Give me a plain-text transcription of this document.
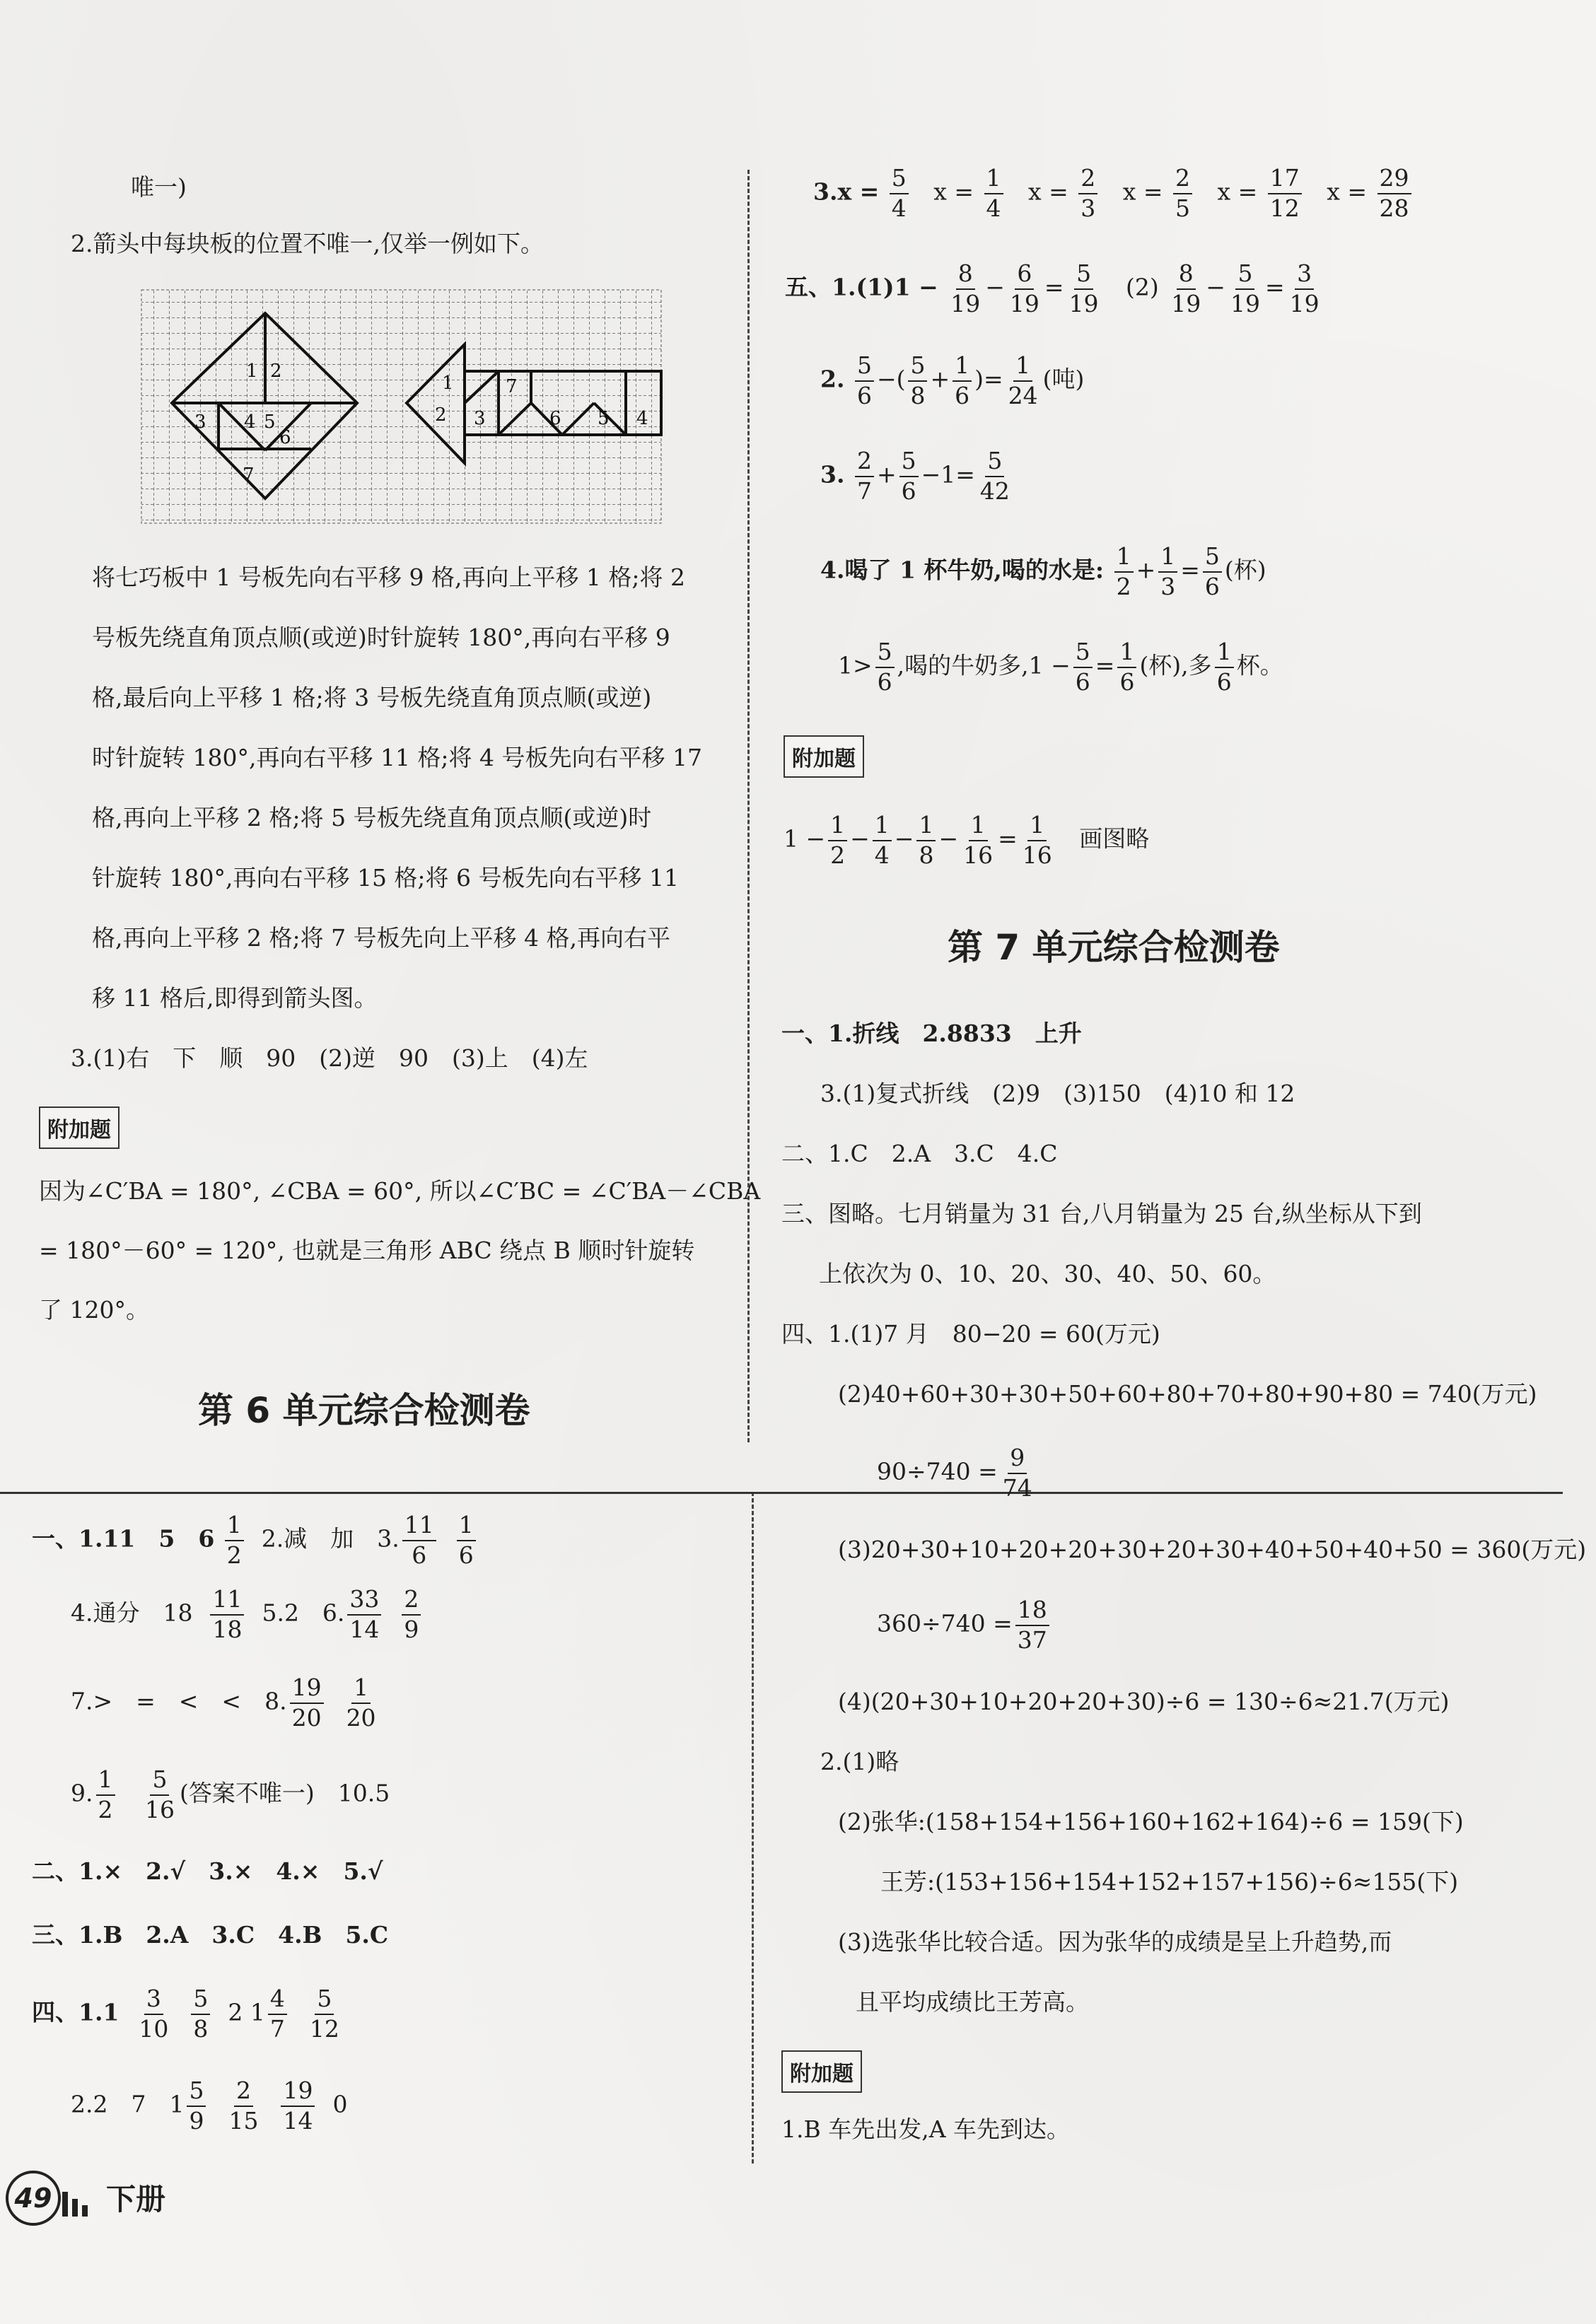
唯一)
2.箭头中每块板的位置不唯一,仅举一例如下。
1 2
3 4 5
6
7
1
2 3
7
6 5 4
将七巧板中 1 号板先向右平移 9 格,再向上平移 1 格;将 2
号板先绕直角顶点顺(或逆)时针旋转 180°,再向右平移 9
格,最后向上平移 1 格;将 3 号板先绕直角顶点顺(或逆)
时针旋转 180°,再向右平移 11 格;将 4 号板先向右平移 17
格,再向上平移 2 格;将 5 号板先绕直角顶点顺(或逆)时
针旋转 180°,再向右平移 15 格;将 6 号板先向右平移 11
格,再向上平移 2 格;将 7 号板先向上平移 4 格,再向右平
移 11 格后,即得到箭头图。
3.(1)右　下　顺　90　(2)逆　90　(3)上　(4)左
附加题
因为∠C′BA = 180°, ∠CBA = 60°, 所以∠C′BC = ∠C′BA－∠CBA
= 180°－60° = 120°, 也就是三角形 ABC 绕点 B 顺时针旋转
了 120°。
第 6 单元综合检测卷
$3.x = \frac{5}{4}$ $x = \frac{1}{4}$ $x = \frac{2}{3}$ $x = \frac{2}{5}$ $x = \frac{17}{12}$ $x = \frac{29}{28}$
五、$1.(1)1 - \frac{8}{19} - \frac{6}{19} = \frac{5}{19} (2) \frac{8}{19} - \frac{5}{19} = \frac{3}{19}$
2. $\frac{5}{6}$ −( $\frac{5}{8} + \frac{1}{6}$ )= $\frac{1}{24}$ (吨)
3. $\frac{2}{7} + \frac{5}{6} -1= \frac{5}{42}$
4.喝了 1 杯牛奶,喝的水是: $\frac{1}{2} + \frac{1}{3} = \frac{5}{6}$ (杯)
$1> \frac{5}{6}$ ,喝的牛奶多$,1 - \frac{5}{6} = \frac{1}{6}$ (杯),多 $\frac{1}{6}$ 杯。
附加题
$1 - \frac{1}{2} - \frac{1}{4} - \frac{1}{8} - \frac{1}{16} = \frac{1}{16}$ 画图略
第 7 单元综合检测卷
一、1.折线　2.8833　上升
3.(1)复式折线　(2)9　(3)150　(4)10 和 12
二、1.C　2.A　3.C　4.C
三、图略。七月销量为 31 台,八月销量为 25 台,纵坐标从下到
上依次为 0、10、20、30、40、50、60。
四、1.(1)7 月　80−20 = 60(万元)
(2)40+60+30+30+50+60+80+70+80+90+80 = 740(万元)
$90\div 740 = \frac{9}{74}$
(3)20+30+10+20+20+30+20+30+40+50+40+50 = 360(万元)
$360\div 740 = \frac{18}{37}$
(4)(20+30+10+20+20+30)÷6 = 130÷6≈21.7(万元)
2.(1)略
(2)张华:(158+154+156+160+162+164)÷6 = 159(下)
王芳:(153+156+154+152+157+156)÷6≈155(下)
(3)选张华比较合适。因为张华的成绩是呈上升趋势,而
且平均成绩比王芳高。
附加题
1.B 车先出发,A 车先到达。
一、1.11　5　$6 \frac{1}{2} 2$.减　加　3. $\frac{11}{6}$
$\frac{1}{6}$
4.通分　$18 \frac{11}{18} 5.2$　6. $\frac{33}{14}$
$\frac{2}{9}$
7.>　=　<　<　8. $\frac{19}{20}$
$\frac{1}{20}$
9. $\frac{1}{2}$
$\frac{5}{16}$ (答案不唯一)　10.5
二、1.×　2.√　3.×　4.×　5.√
三、1.B　2.A　3.C　4.B　5.C
四、$1.1 \frac{3}{10}$
$\frac{5}{8} 2$ $1 \frac{4}{7}$
$\frac{5}{12}$
2.2　7　$1 \frac{5}{9}$
$\frac{2}{15}$
$\frac{19}{14} 0$
49 下册
